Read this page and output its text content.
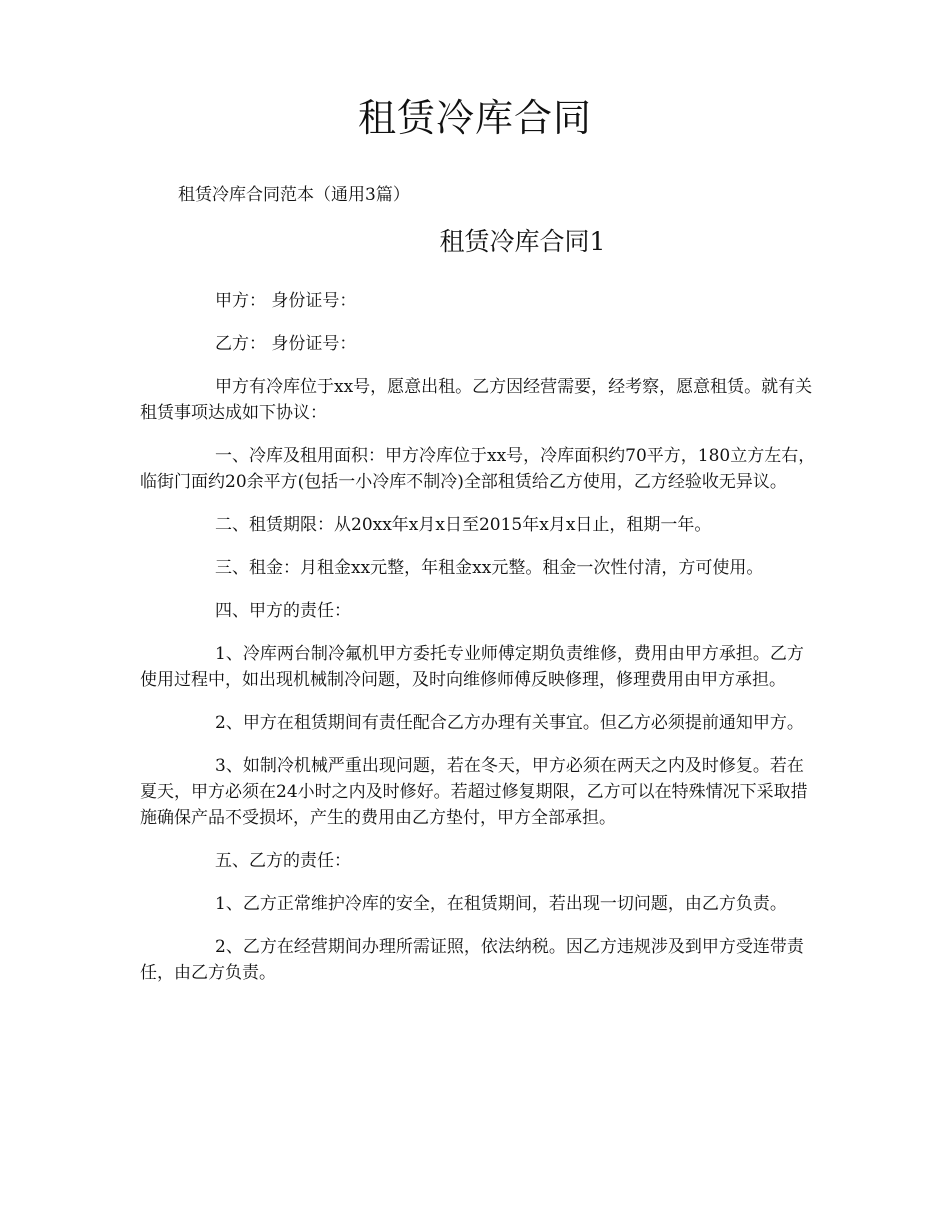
租赁冷库合同
租赁冷库合同范本（通用3篇）
租赁冷库合同1

甲方： 身份证号：

乙方： 身份证号：

甲方有冷库位于xx号，愿意出租。乙方因经营需要，经考察，愿意租赁。就有关租赁事项达成如下协议：

一、冷库及租用面积：甲方冷库位于xx号，冷库面积约70平方，180立方左右，临街门面约20余平方(包括一小冷库不制冷)全部租赁给乙方使用，乙方经验收无异议。

二、租赁期限：从20xx年x月x日至2015年x月x日止，租期一年。

三、租金：月租金xx元整，年租金xx元整。租金一次性付清，方可使用。

四、甲方的责任：

1、冷库两台制冷氟机甲方委托专业师傅定期负责维修，费用由甲方承担。乙方使用过程中，如出现机械制冷问题，及时向维修师傅反映修理，修理费用由甲方承担。

2、甲方在租赁期间有责任配合乙方办理有关事宜。但乙方必须提前通知甲方。

3、如制冷机械严重出现问题，若在冬天，甲方必须在两天之内及时修复。若在夏天，甲方必须在24小时之内及时修好。若超过修复期限，乙方可以在特殊情况下采取措施确保产品不受损坏，产生的费用由乙方垫付，甲方全部承担。

五、乙方的责任：

1、乙方正常维护冷库的安全，在租赁期间，若出现一切问题，由乙方负责。

2、乙方在经营期间办理所需证照，依法纳税。因乙方违规涉及到甲方受连带责任，由乙方负责。
